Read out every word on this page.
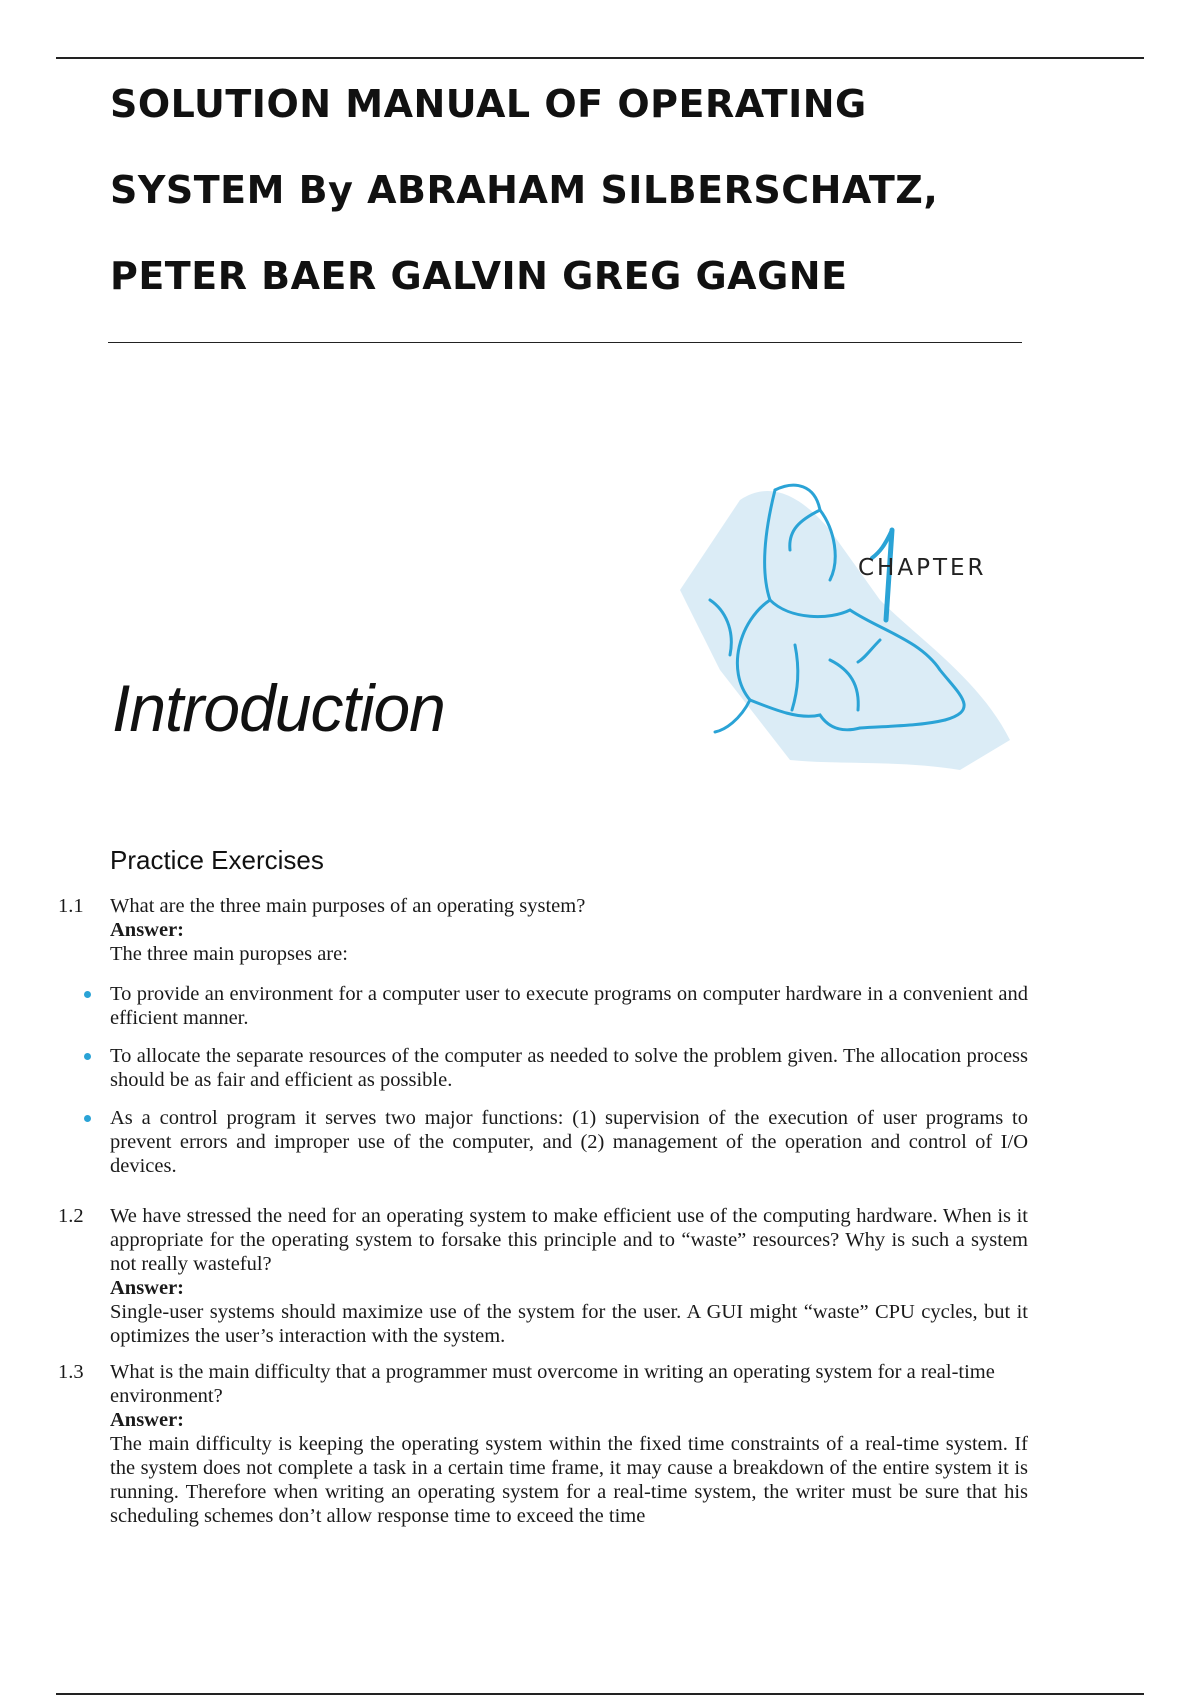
SOLUTION MANUAL OF OPERATING
SYSTEM By ABRAHAM SILBERSCHATZ,
PETER BAER GALVIN GREG GAGNE
CHAPTER
Introduction
Practice Exercises
1.1	What are the three main purposes of an operating system?
Answer:
The three main puropses are:
To provide an environment for a computer user to execute programs on computer hardware in a convenient and efficient manner.
To allocate the separate resources of the computer as needed to solve the problem given. The allocation process should be as fair and efficient as possible.
As a control program it serves two major functions: (1) supervision of the execution of user programs to prevent errors and improper use of the computer, and (2) management of the operation and control of I/O devices.
1.2	We have stressed the need for an operating system to make efficient use of the computing hardware. When is it appropriate for the operating system to forsake this principle and to “waste” resources? Why is such a system not really wasteful?
Answer:
Single-user systems should maximize use of the system for the user. A GUI might “waste” CPU cycles, but it optimizes the user’s interaction with the system.
1.3	What is the main difficulty that a programmer must overcome in writing an operating system for a real-time environment?
Answer:
The main difficulty is keeping the operating system within the fixed time constraints of a real-time system. If the system does not complete a task in a certain time frame, it may cause a breakdown of the entire system it is running. Therefore when writing an operating system for a real-time system, the writer must be sure that his scheduling schemes don’t allow response time to exceed the time
